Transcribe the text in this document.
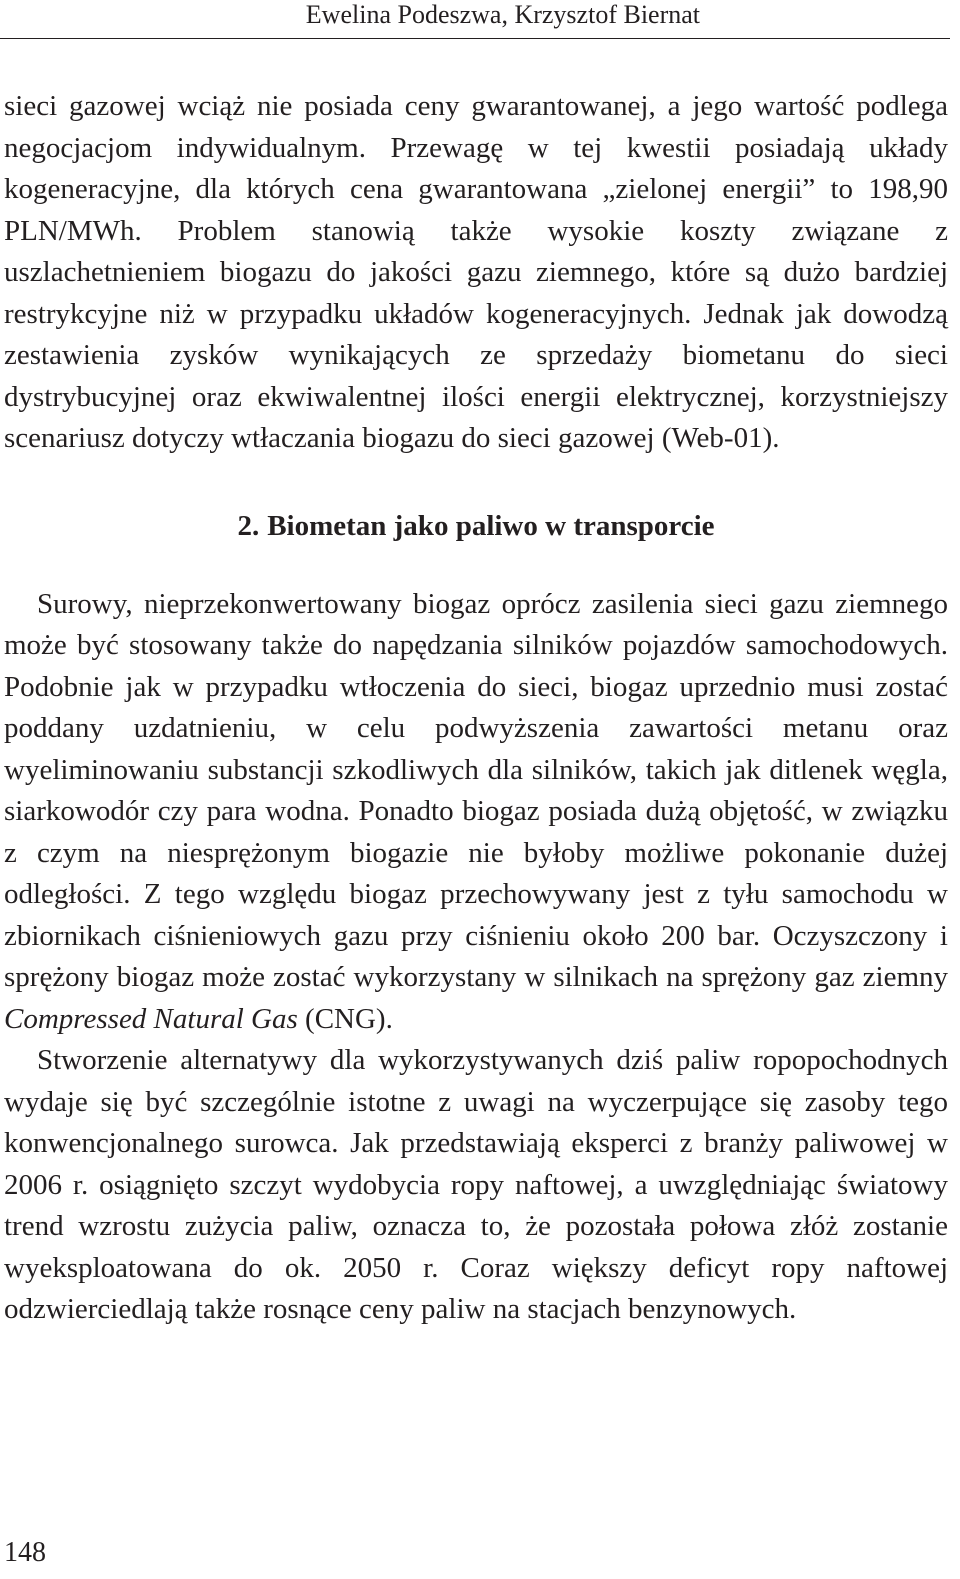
Ewelina Podeszwa, Krzysztof Biernat

sieci gazowej wciąż nie posiada ceny gwarantowanej, a jego wartość podlega negocjacjom indywidualnym. Przewagę w tej kwestii posiadają układy kogeneracyjne, dla których cena gwarantowana „zielonej energii” to 198,90 PLN/MWh. Problem stanowią także wysokie koszty związane z uszlachetnieniem biogazu do jakości gazu ziemnego, które są dużo bardziej restrykcyjne niż w przypadku układów kogeneracyjnych. Jednak jak dowodzą zestawienia zysków wynikających ze sprzedaży biometanu do sieci dystrybucyjnej oraz ekwiwalentnej ilości energii elektrycznej, korzystniejszy scenariusz dotyczy wtłaczania biogazu do sieci gazowej (Web-01).

2. Biometan jako paliwo w transporcie

Surowy, nieprzekonwertowany biogaz oprócz zasilenia sieci gazu ziemnego może być stosowany także do napędzania silników pojazdów samochodowych. Podobnie jak w przypadku wtłoczenia do sieci, biogaz uprzednio musi zostać poddany uzdatnieniu, w celu podwyższenia zawartości metanu oraz wyeliminowaniu substancji szkodliwych dla silników, takich jak ditlenek węgla, siarkowodór czy para wodna. Ponadto biogaz posiada dużą objętość, w związku z czym na niesprężonym biogazie nie byłoby możliwe pokonanie dużej odległości. Z tego względu biogaz przechowywany jest z tyłu samochodu w zbiornikach ciśnieniowych gazu przy ciśnieniu około 200 bar. Oczyszczony i sprężony biogaz może zostać wykorzystany w silnikach na sprężony gaz ziemny Compressed Natural Gas (CNG).

Stworzenie alternatywy dla wykorzystywanych dziś paliw ropopochodnych wydaje się być szczególnie istotne z uwagi na wyczerpujące się zasoby tego konwencjonalnego surowca. Jak przedstawiają eksperci z branży paliwowej w 2006 r. osiągnięto szczyt wydobycia ropy naftowej, a uwzględniając światowy trend wzrostu zużycia paliw, oznacza to, że pozostała połowa złóż zostanie wyeksploatowana do ok. 2050 r. Coraz większy deficyt ropy naftowej odzwierciedlają także rosnące ceny paliw na stacjach benzynowych.

148
